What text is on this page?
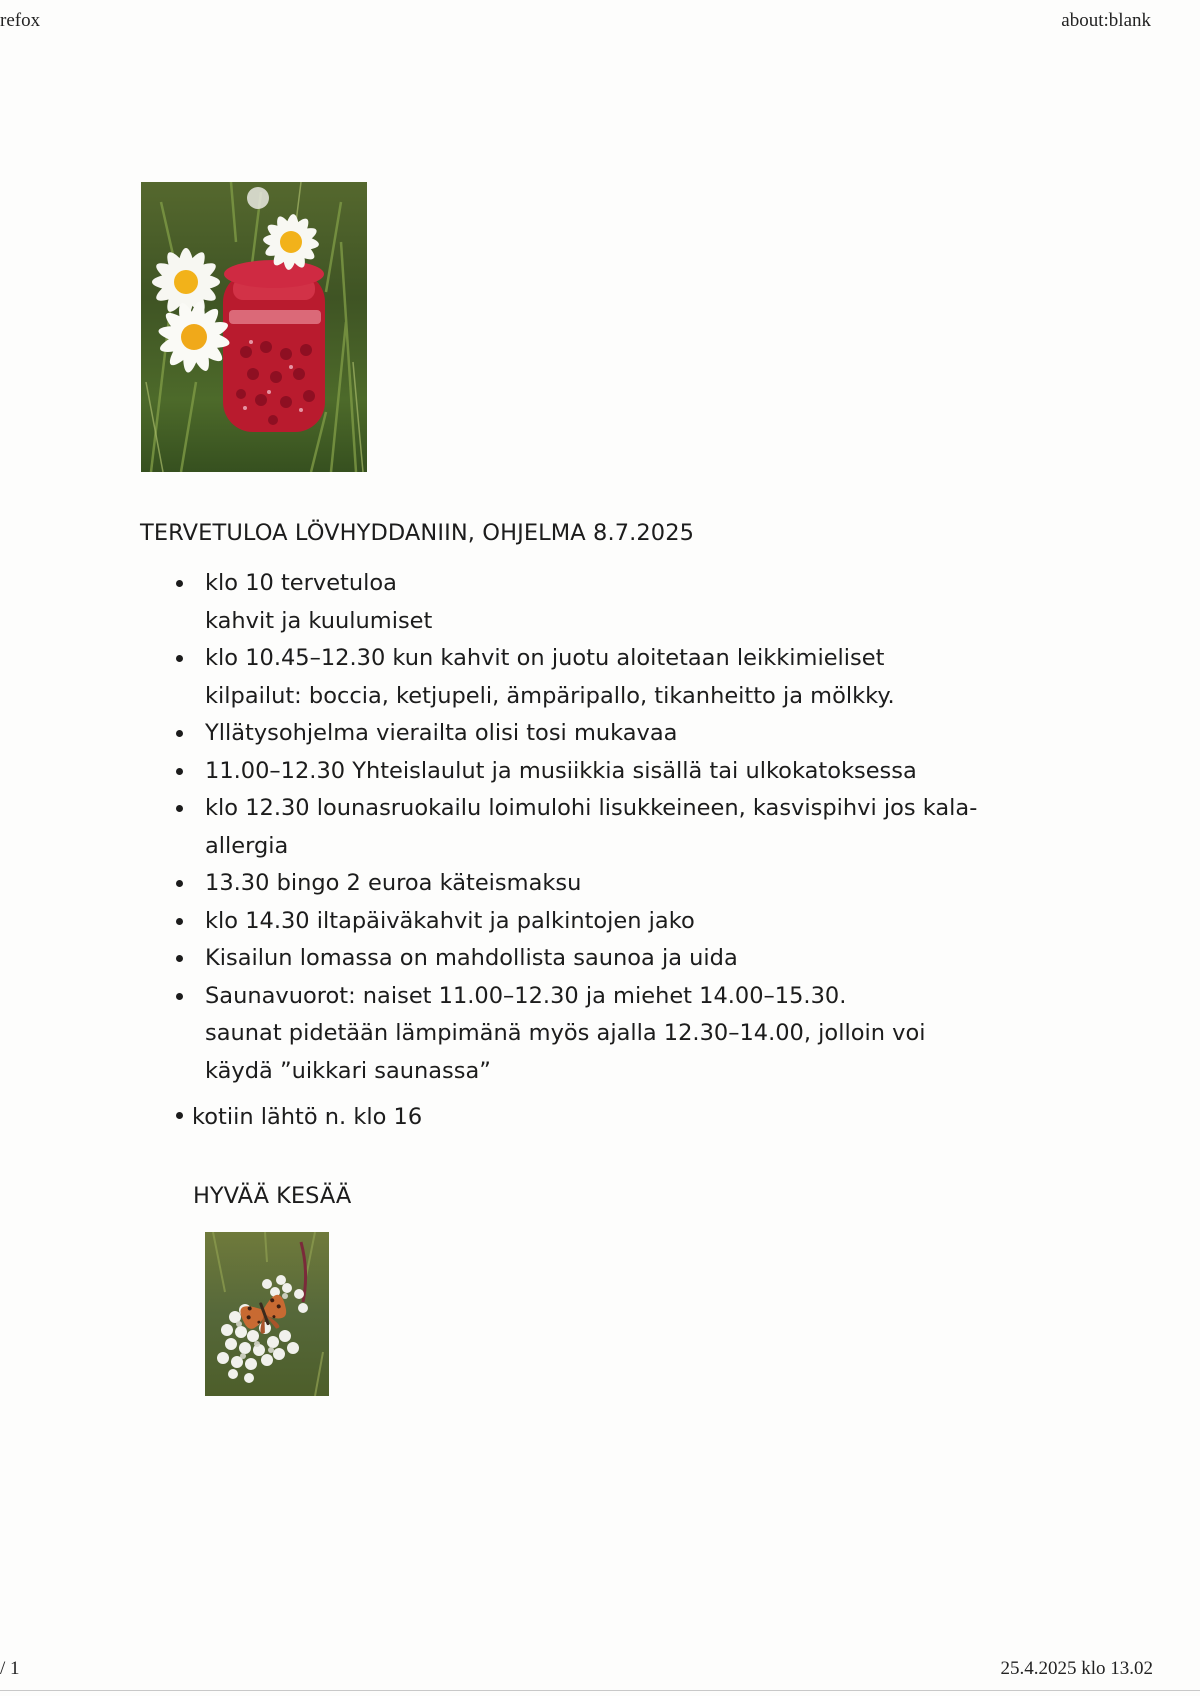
refox	about:blank
TERVETULOA LÖVHYDDANIIN, OHJELMA 8.7.2025
klo 10 tervetuloa
kahvit ja kuulumiset
klo 10.45–12.30 kun kahvit on juotu aloitetaan leikkimieliset
kilpailut: boccia, ketjupeli, ämpäripallo, tikanheitto ja mölkky.
Yllätysohjelma vierailta olisi tosi mukavaa
11.00–12.30 Yhteislaulut ja musiikkia sisällä tai ulkokatoksessa
klo 12.30 lounasruokailu loimulohi lisukkeineen, kasvispihvi jos kala-
allergia
13.30 bingo 2 euroa käteismaksu
klo 14.30 iltapäiväkahvit ja palkintojen jako
Kisailun lomassa on mahdollista saunoa ja uida
Saunavuorot: naiset 11.00–12.30 ja miehet 14.00–15.30.
saunat pidetään lämpimänä myös ajalla 12.30–14.00, jolloin voi
käydä ”uikkari saunassa”
kotiin lähtö n. klo 16
HYVÄÄ KESÄÄ
/ 1	25.4.2025 klo 13.02
